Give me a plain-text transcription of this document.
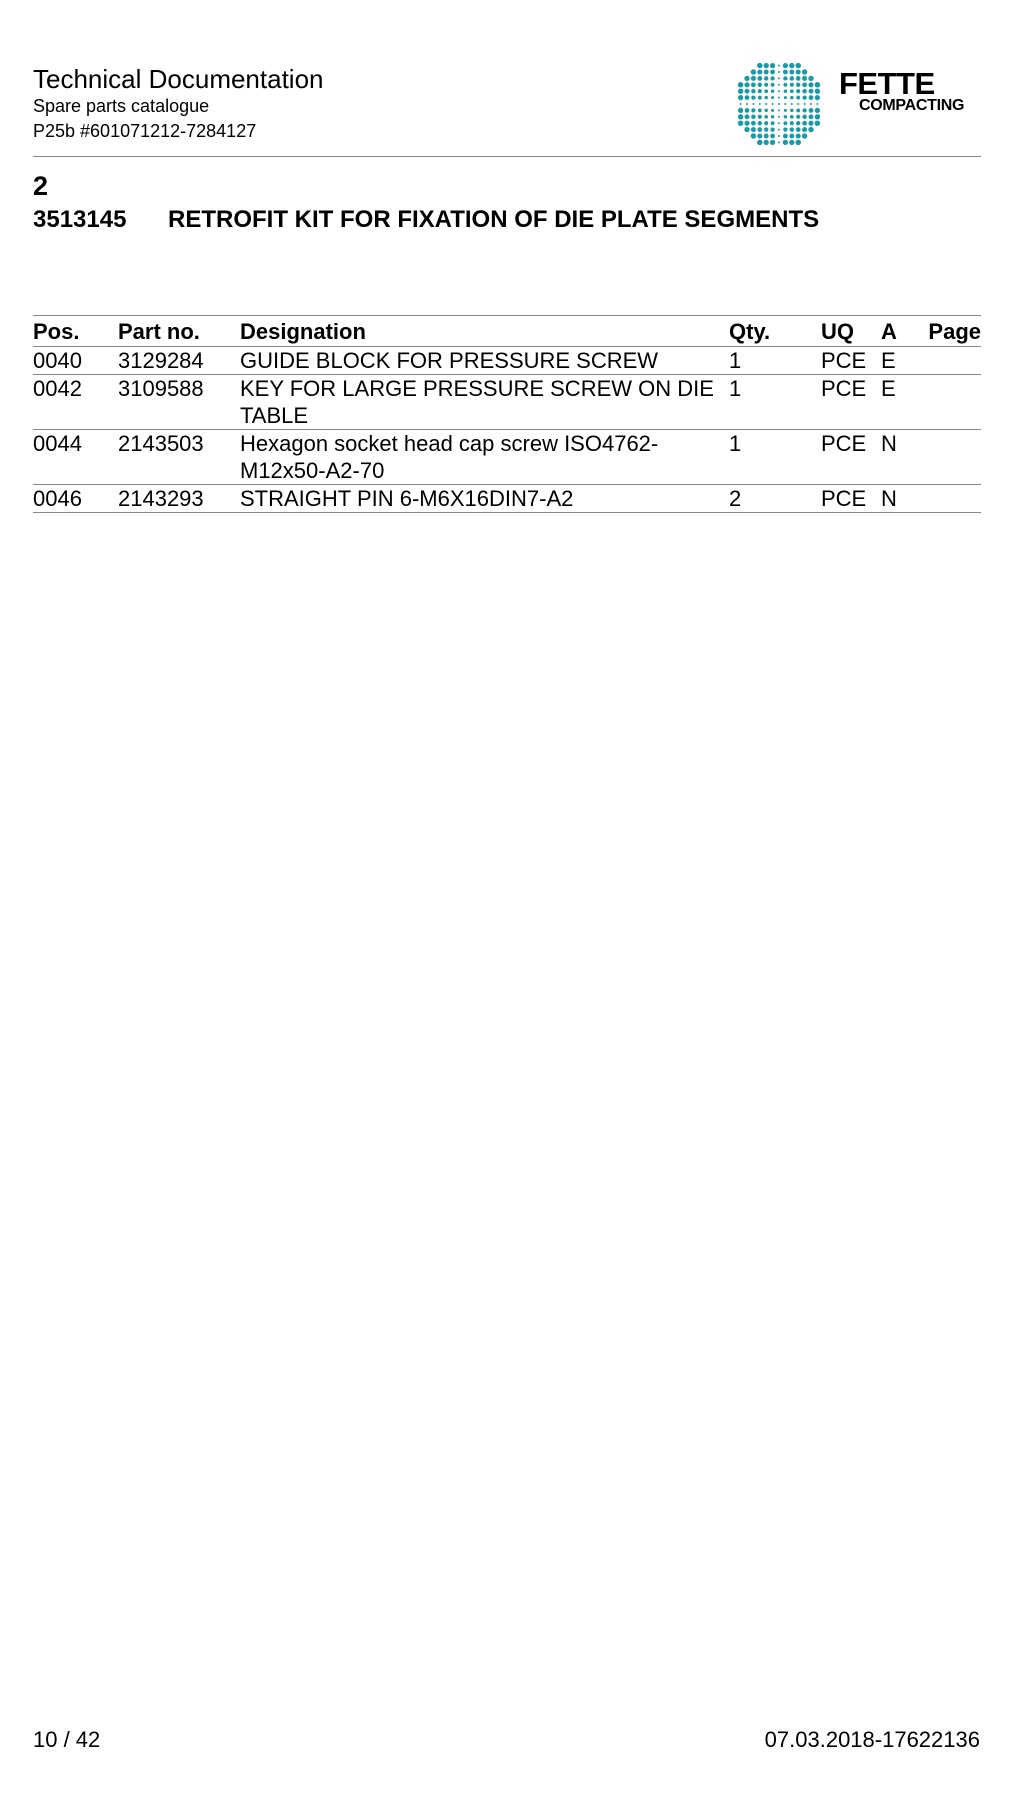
Technical Documentation
Spare parts catalogue
P25b #601071212-7284127
FETTE
COMPACTING
2
3513145 RETROFIT KIT FOR FIXATION OF DIE PLATE SEGMENTS
Pos.	Part no.	Designation	Qty.	UQ	A	Page
0040	3129284	GUIDE BLOCK FOR PRESSURE SCREW	1	PCE	E	
0042	3109588	KEY FOR LARGE PRESSURE SCREW ON DIE TABLE	1	PCE	E	
0044	2143503	Hexagon socket head cap screw ISO4762-M12x50-A2-70	1	PCE	N	
0046	2143293	STRAIGHT PIN 6-M6X16DIN7-A2	2	PCE	N	
10 / 42	07.03.2018-17622136
